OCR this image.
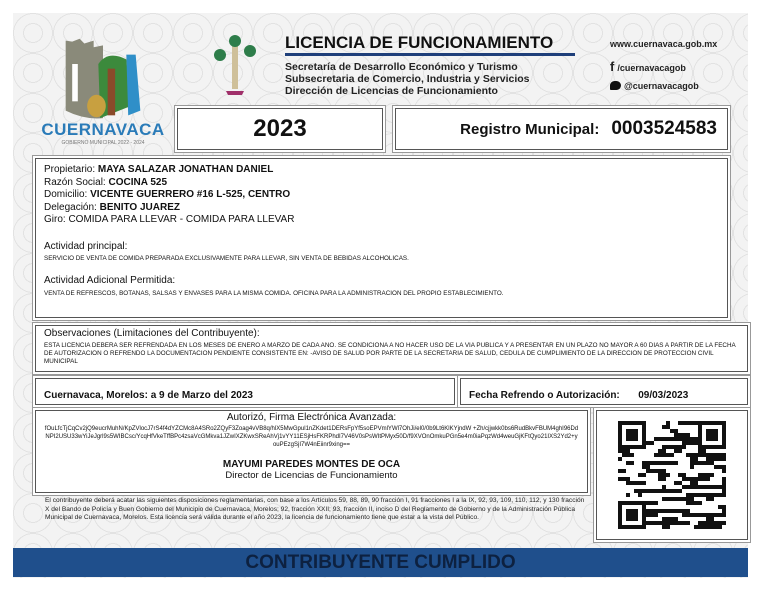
CUERNAVACA
GOBIERNO MUNICIPAL 2022 - 2024
LICENCIA DE FUNCIONAMIENTO
Secretaría de Desarrollo Económico y Turismo
Subsecretaria de Comercio, Industria y Servicios
Dirección de Licencias de Funcionamiento
www.cuernavaca.gob.mx
f /cuernavacagob
@cuernavacagob
2023	Registro Municipal: 0003524583
Propietario: MAYA SALAZAR JONATHAN DANIEL
Razón Social: COCINA 525
Domicilio: VICENTE GUERRERO #16 L-525, CENTRO
Delegación: BENITO JUAREZ
Giro: COMIDA PARA LLEVAR - COMIDA PARA LLEVAR
Actividad principal:
SERVICIO DE VENTA DE COMIDA PREPARADA EXCLUSIVAMENTE PARA LLEVAR, SIN VENTA DE BEBIDAS ALCOHOLICAS.
Actividad Adicional Permitida:
VENTA DE REFRESCOS, BOTANAS, SALSAS Y ENVASES PARA LA MISMA COMIDA. OFICINA PARA LA ADMINISTRACION DEL PROPIO ESTABLECIMIENTO.
Observaciones (Limitaciones del Contribuyente):
ESTA LICENCIA DEBERA SER REFRENDADA EN LOS MESES DE ENERO A MARZO DE CADA ANO. SE CONDICIONA A NO HACER USO DE LA VIA PUBLICA Y A PRESENTAR EN UN PLAZO NO MAYOR A 60 DIAS A PARTIR DE LA FECHA DE AUTORIZACION O REFRENDO LA DOCUMENTACION PENDIENTE CONSISTENTE EN: -AVISO DE SALUD POR PARTE DE LA SECRETARIA DE SALUD, CEDULA DE CUMPLIMIENTO DE LA DIRECCION DE PROTECCION CIVIL MUNICIPAL
Cuernavaca, Morelos: a 9 de Marzo del 2023	Fecha Refrendo o Autorización: 09/03/2023
Autorizó, Firma Electrónica Avanzada:
fOuLfcTjCqCv2jQ9eucrMuhN/KpZVlocJ7rS4f4dYZCMc8A4SRo2ZQyF3Zoag4vVB8q/hlX5MwGpul1nZKdet1DERsFpYf5soEPVmlYWl7OhJi/el0/0b9Lt6KlKYjndW +Zh/cjjwkk0bs6RudBkvFBUM4ghI96DdNPI2USU33wYiJeJgrl9s5WIBCsc/YcqHfVkeTffBPc4zsaVcGMkva1JZwIXZKwxSReAhVj1vYY11ESjHsFKRPhdI7V46V0sPsWItPMyx50D/f9XVOnOmkuPGn5e4m0iaPqzWd4weuGjKFtQyo21IXS2Yd2+youPEzgSjI7W4nEiinr9xing==
MAYUMI PAREDES MONTES DE OCA
Director de Licencias de Funcionamiento
El contribuyente deberá acatar las siguientes disposiciones reglamentarias, con base a los Artículos 59, 88, 89, 90 fracción I, 91 fracciones I a la IX, 92, 93, 109, 110, 112, y 130 fracción X del Bando de Policía y Buen Gobierno del Municipio de Cuernavaca, Morelos; 92, fracción XXII; 93, fracción II, inciso D del Reglamento de Gobierno y de la Administración Pública Municipal de Cuernavaca, Morelos. Esta licencia será válida durante el año 2023, la licencia de funcionamiento tiene que estar a la vista del Público.
CONTRIBUYENTE CUMPLIDO
